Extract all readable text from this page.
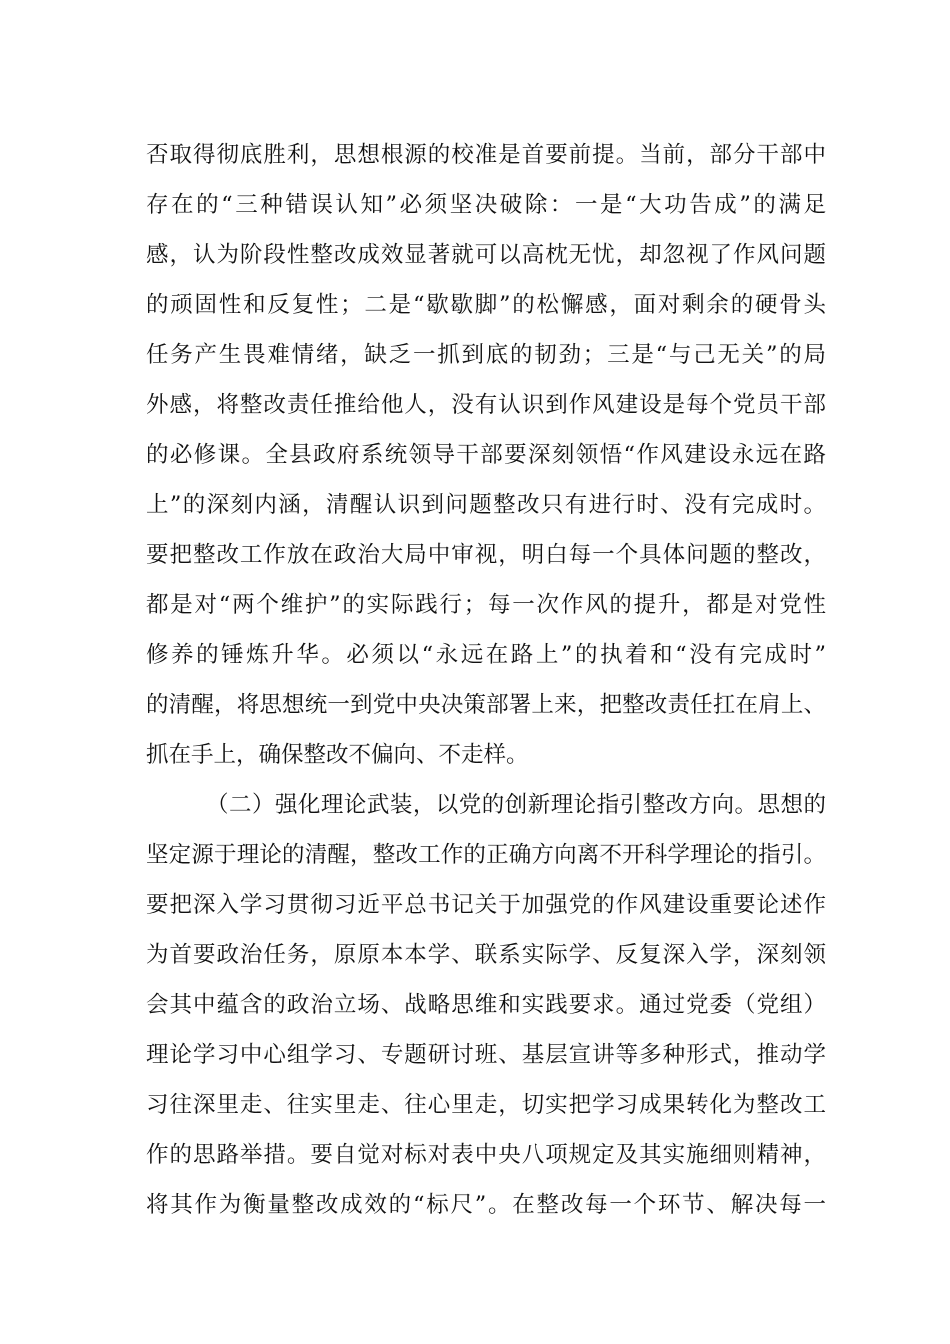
否取得彻底胜利，思想根源的校准是首要前提。当前，部分干部中
存在的“三种错误认知”必须坚决破除：一是“大功告成”的满足
感，认为阶段性整改成效显著就可以高枕无忧，却忽视了作风问题
的顽固性和反复性；二是“歇歇脚”的松懈感，面对剩余的硬骨头
任务产生畏难情绪，缺乏一抓到底的韧劲；三是“与己无关”的局
外感，将整改责任推给他人，没有认识到作风建设是每个党员干部
的必修课。全县政府系统领导干部要深刻领悟“作风建设永远在路
上”的深刻内涵，清醒认识到问题整改只有进行时、没有完成时。
要把整改工作放在政治大局中审视，明白每一个具体问题的整改，
都是对“两个维护”的实际践行；每一次作风的提升，都是对党性
修养的锤炼升华。必须以“永远在路上”的执着和“没有完成时”
的清醒，将思想统一到党中央决策部署上来，把整改责任扛在肩上、
抓在手上，确保整改不偏向、不走样。
（二）强化理论武装，以党的创新理论指引整改方向。思想的
坚定源于理论的清醒，整改工作的正确方向离不开科学理论的指引。
要把深入学习贯彻习近平总书记关于加强党的作风建设重要论述作
为首要政治任务，原原本本学、联系实际学、反复深入学，深刻领
会其中蕴含的政治立场、战略思维和实践要求。通过党委（党组）
理论学习中心组学习、专题研讨班、基层宣讲等多种形式，推动学
习往深里走、往实里走、往心里走，切实把学习成果转化为整改工
作的思路举措。要自觉对标对表中央八项规定及其实施细则精神，
将其作为衡量整改成效的“标尺”。在整改每一个环节、解决每一
